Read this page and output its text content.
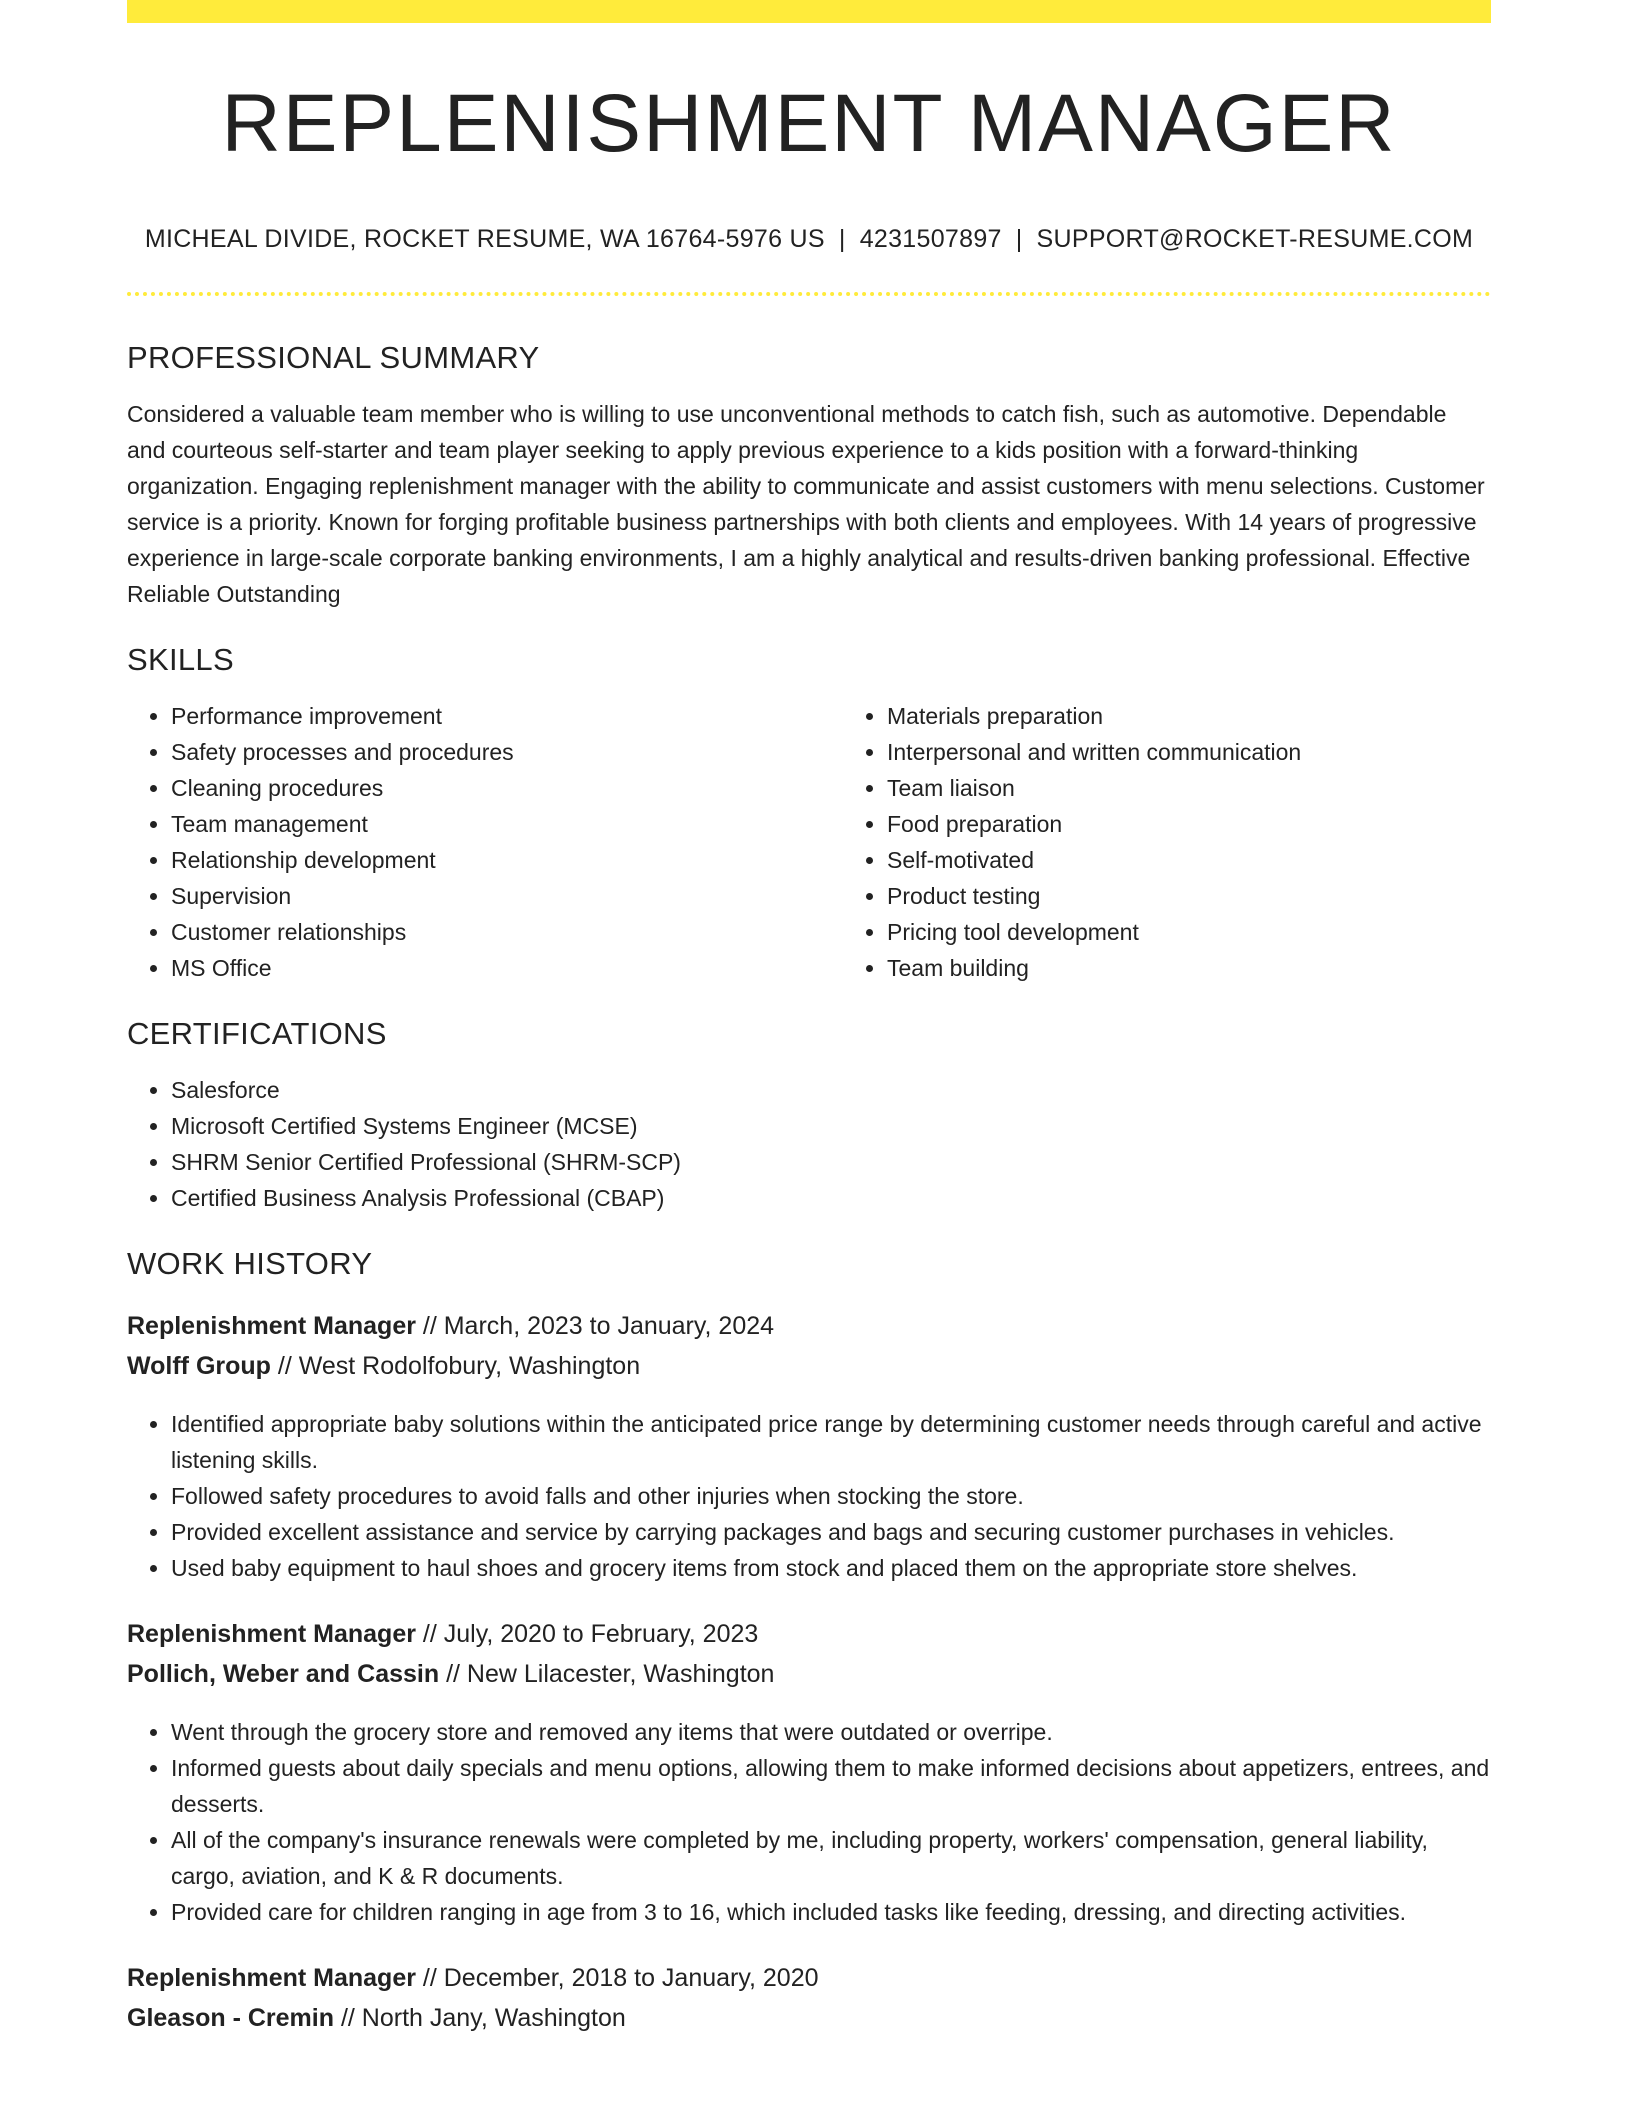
REPLENISHMENT MANAGER
MICHEAL DIVIDE, ROCKET RESUME, WA 16764-5976 US | 4231507897 | SUPPORT@ROCKET-RESUME.COM
PROFESSIONAL SUMMARY

Considered a valuable team member who is willing to use unconventional methods to catch fish, such as automotive. Dependable and courteous self-starter and team player seeking to apply previous experience to a kids position with a forward-thinking organization. Engaging replenishment manager with the ability to communicate and assist customers with menu selections. Customer service is a priority. Known for forging profitable business partnerships with both clients and employees. With 14 years of progressive experience in large-scale corporate banking environments, I am a highly analytical and results-driven banking professional. Effective Reliable Outstanding

SKILLS
• Performance improvement
• Safety processes and procedures
• Cleaning procedures
• Team management
• Relationship development
• Supervision
• Customer relationships
• MS Office
• Materials preparation
• Interpersonal and written communication
• Team liaison
• Food preparation
• Self-motivated
• Product testing
• Pricing tool development
• Team building
CERTIFICATIONS
• Salesforce
• Microsoft Certified Systems Engineer (MCSE)
• SHRM Senior Certified Professional (SHRM-SCP)
• Certified Business Analysis Professional (CBAP)
WORK HISTORY

Replenishment Manager // March, 2023 to January, 2024

Wolff Group // West Rodolfobury, Washington

• Identified appropriate baby solutions within the anticipated price range by determining customer needs through careful and active listening skills.
• Followed safety procedures to avoid falls and other injuries when stocking the store.
• Provided excellent assistance and service by carrying packages and bags and securing customer purchases in vehicles.
• Used baby equipment to haul shoes and grocery items from stock and placed them on the appropriate store shelves.

Replenishment Manager // July, 2020 to February, 2023

Pollich, Weber and Cassin // New Lilacester, Washington

• Went through the grocery store and removed any items that were outdated or overripe.
• Informed guests about daily specials and menu options, allowing them to make informed decisions about appetizers, entrees, and desserts.
• All of the company's insurance renewals were completed by me, including property, workers' compensation, general liability, cargo, aviation, and K & R documents.
• Provided care for children ranging in age from 3 to 16, which included tasks like feeding, dressing, and directing activities.

Replenishment Manager // December, 2018 to January, 2020

Gleason - Cremin // North Jany, Washington
